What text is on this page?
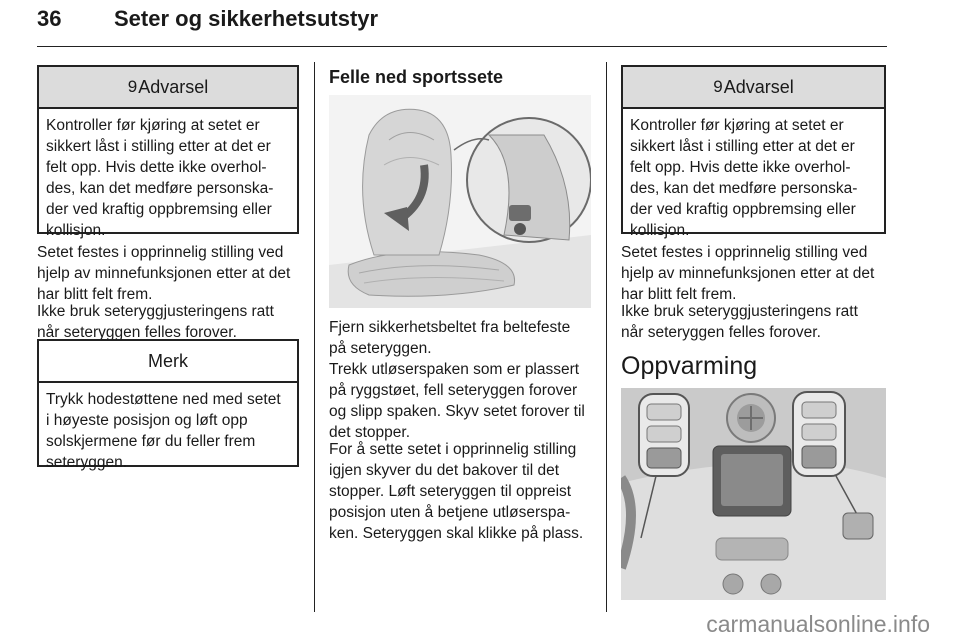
36 Seter og sikkerhetsutstyr
9 Advarsel
Kontroller før kjøring at setet er
sikkert låst i stilling etter at det er
felt opp. Hvis dette ikke overhol-
des, kan det medføre personska-
der ved kraftig oppbremsing eller
kollisjon.
Setet festes i opprinnelig stilling ved
hjelp av minnefunksjonen etter at det
har blitt felt frem.
Ikke bruk seteryggjusteringens ratt
når seteryggen felles forover.
Merk
Trykk hodestøttene ned med setet
i høyeste posisjon og løft opp
solskjermene før du feller frem
seteryggen.
Felle ned sportssete
Fjern sikkerhetsbeltet fra beltefeste
på seteryggen.
Trekk utløserspaken som er plassert
på ryggstøet, fell seteryggen forover
og slipp spaken. Skyv setet forover til
det stopper.
For å sette setet i opprinnelig stilling
igjen skyver du det bakover til det
stopper. Løft seteryggen til oppreist
posisjon uten å betjene utløserspa-
ken. Seteryggen skal klikke på plass.
9 Advarsel
Kontroller før kjøring at setet er
sikkert låst i stilling etter at det er
felt opp. Hvis dette ikke overhol-
des, kan det medføre personska-
der ved kraftig oppbremsing eller
kollisjon.
Setet festes i opprinnelig stilling ved
hjelp av minnefunksjonen etter at det
har blitt felt frem.
Ikke bruk seteryggjusteringens ratt
når seteryggen felles forover.
Oppvarming
carmanualsonline.info
